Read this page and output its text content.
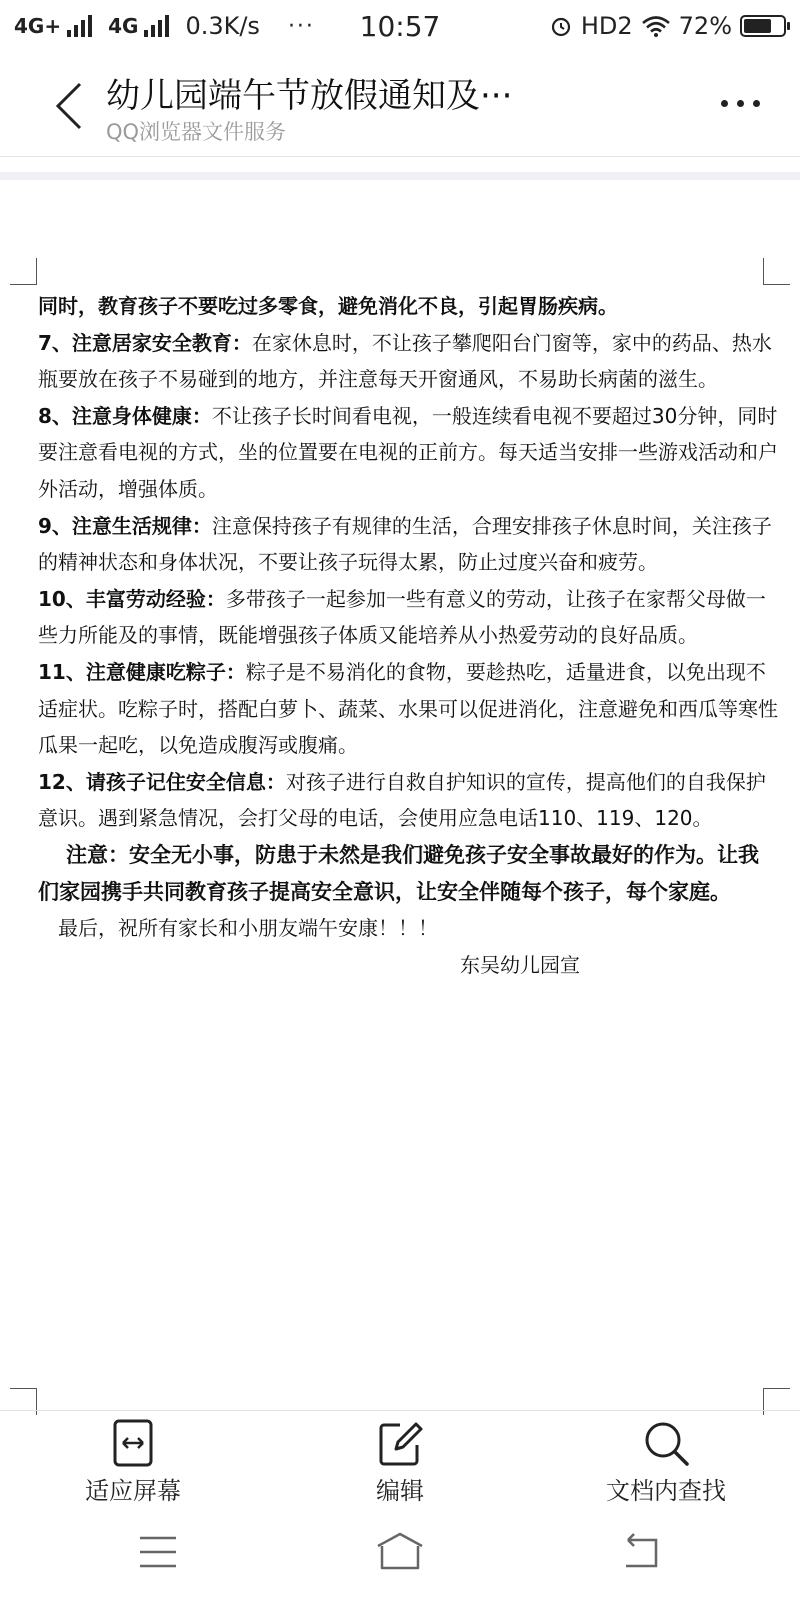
4G+ 4G 0.3K/s ···	10:57	HD2 72%
幼儿园端午节放假通知及···
QQ浏览器文件服务

同时，教育孩子不要吃过多零食，避免消化不良，引起胃肠疾病。

7、注意居家安全教育：在家休息时，不让孩子攀爬阳台门窗等，家中的药品、热水瓶要放在孩子不易碰到的地方，并注意每天开窗通风，不易助长病菌的滋生。

8、注意身体健康：不让孩子长时间看电视，一般连续看电视不要超过30分钟，同时要注意看电视的方式，坐的位置要在电视的正前方。每天适当安排一些游戏活动和户外活动，增强体质。

9、注意生活规律：注意保持孩子有规律的生活，合理安排孩子休息时间，关注孩子的精神状态和身体状况，不要让孩子玩得太累，防止过度兴奋和疲劳。

10、丰富劳动经验：多带孩子一起参加一些有意义的劳动，让孩子在家帮父母做一些力所能及的事情，既能增强孩子体质又能培养从小热爱劳动的良好品质。

11、注意健康吃粽子：粽子是不易消化的食物，要趁热吃，适量进食，以免出现不适症状。吃粽子时，搭配白萝卜、蔬菜、水果可以促进消化，注意避免和西瓜等寒性瓜果一起吃，以免造成腹泻或腹痛。

12、请孩子记住安全信息：对孩子进行自救自护知识的宣传，提高他们的自我保护意识。遇到紧急情况，会打父母的电话，会使用应急电话110、119、120。

注意：安全无小事，防患于未然是我们避免孩子安全事故最好的作为。让我们家园携手共同教育孩子提高安全意识，让安全伴随每个孩子，每个家庭。

最后，祝所有家长和小朋友端午安康！！！

东吴幼儿园宣

适应屏幕	编辑	文档内查找
